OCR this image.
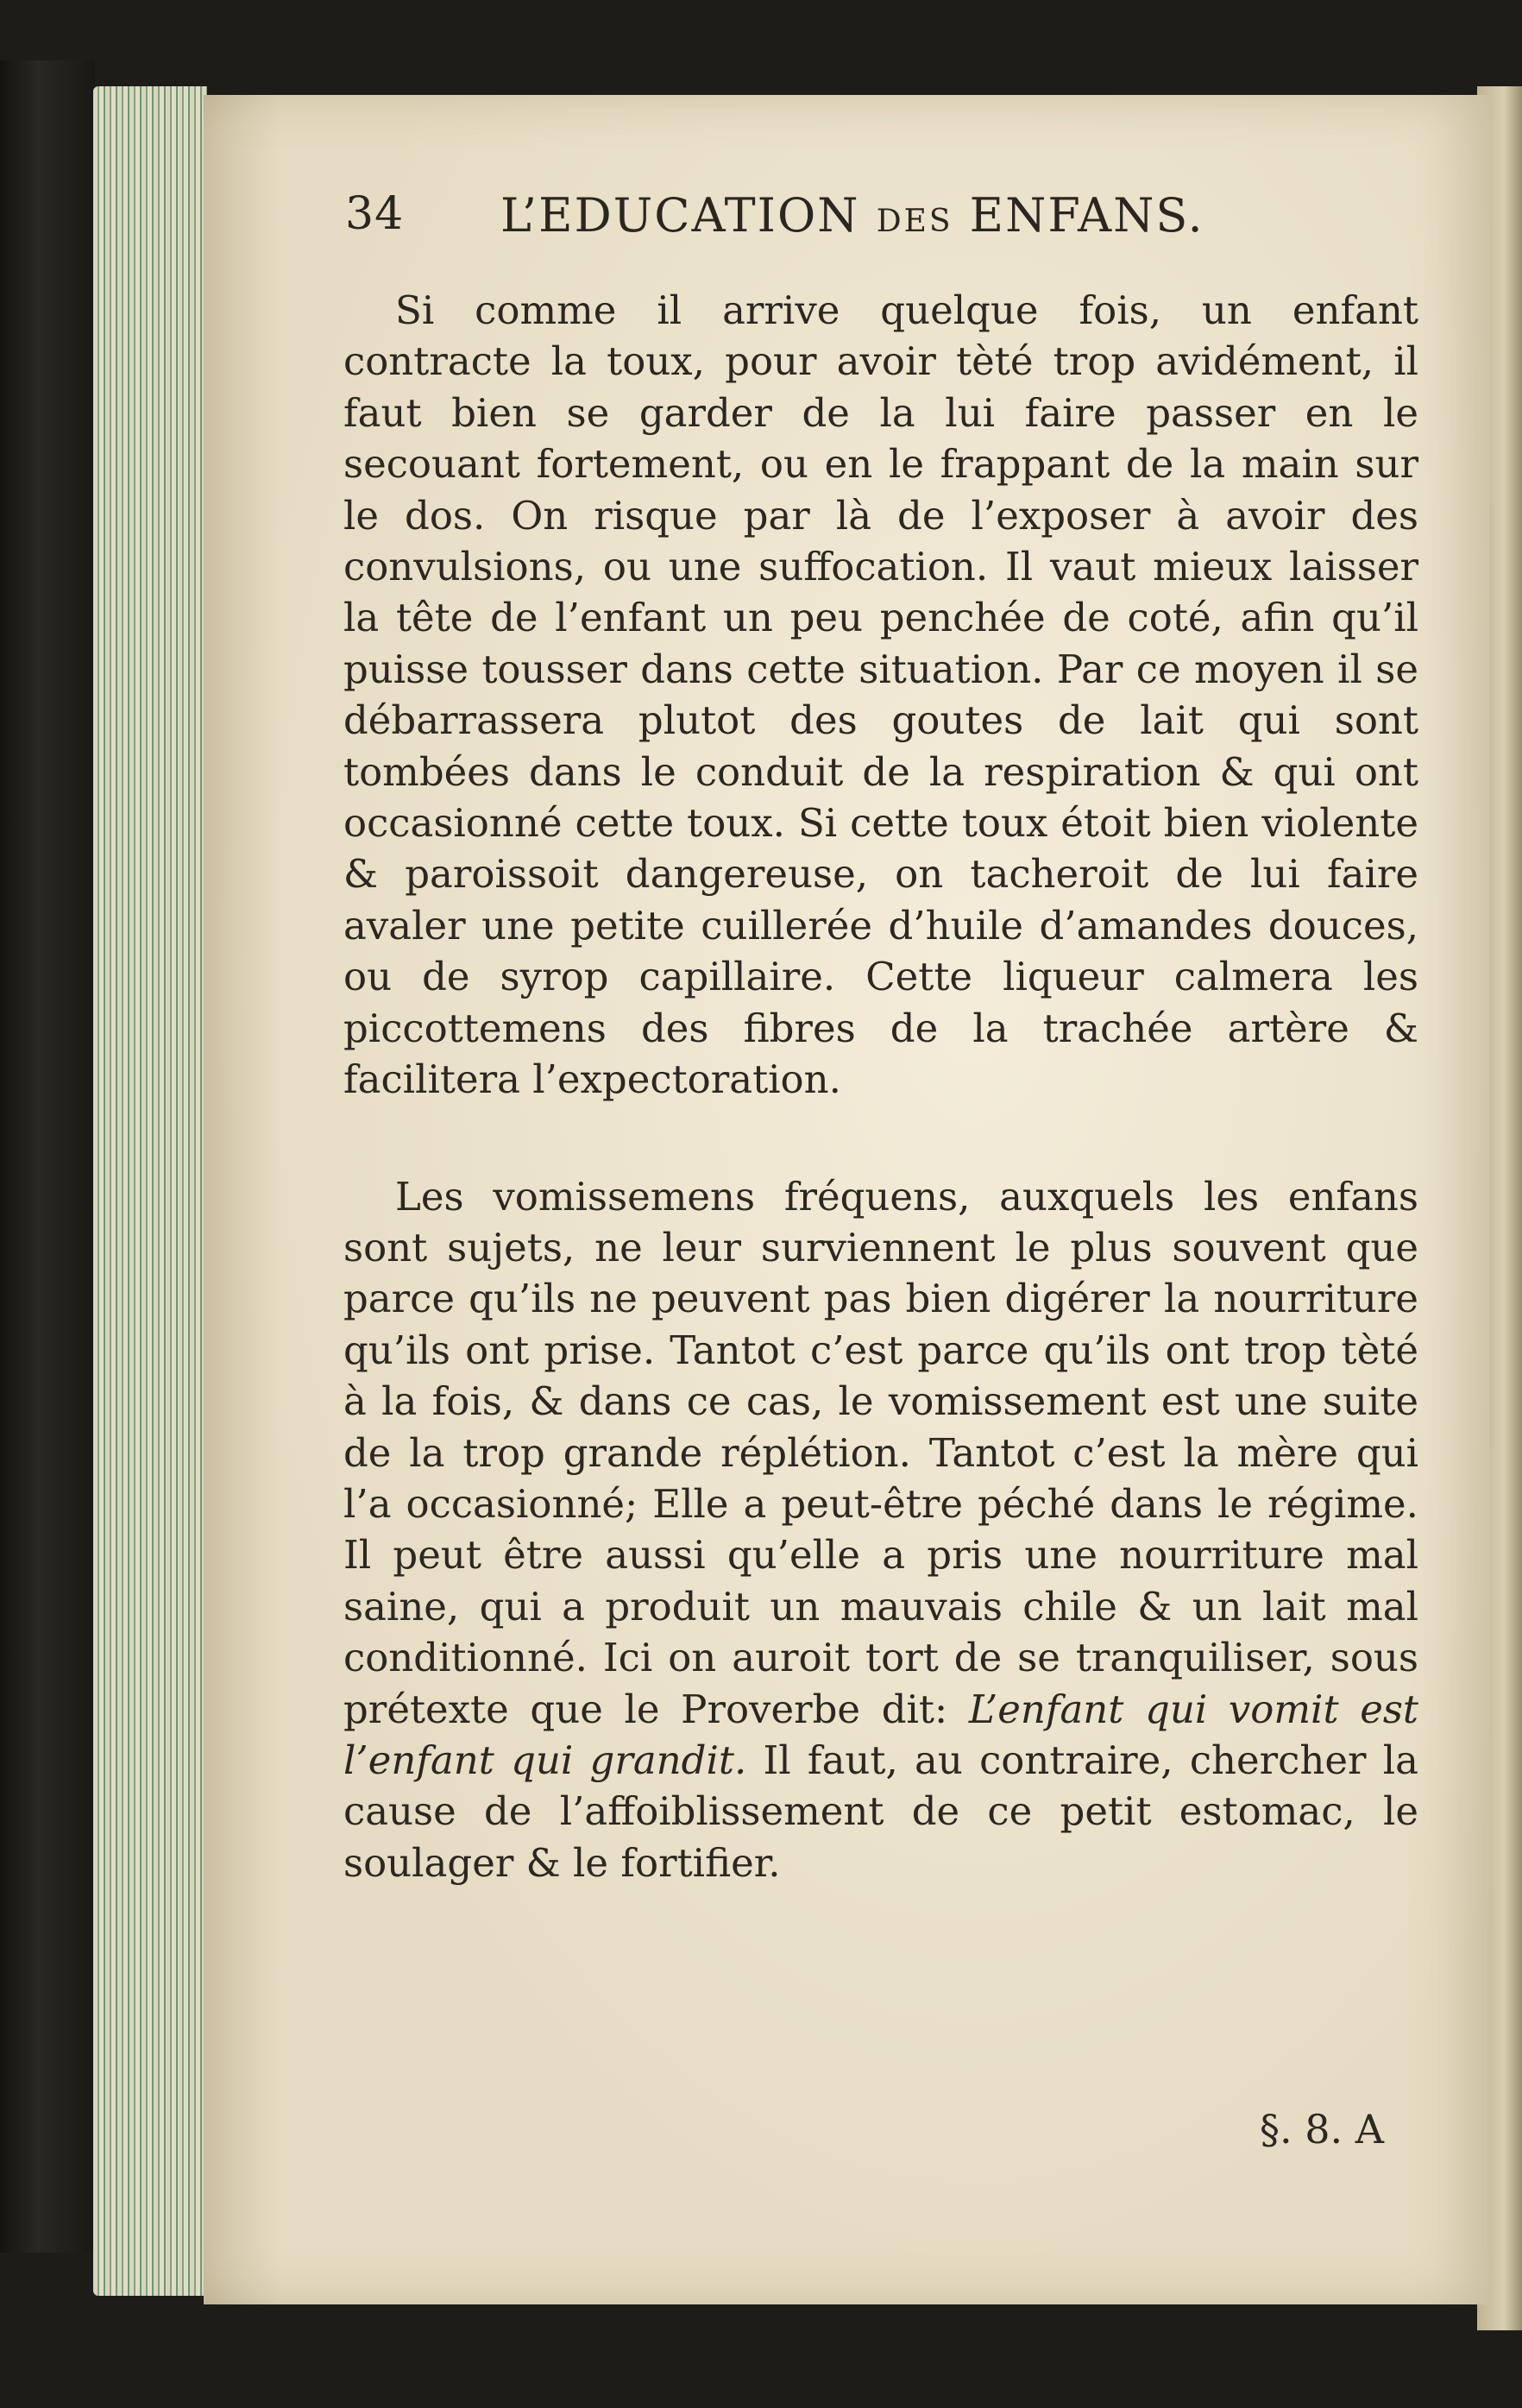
34 L’EDUCATION DES ENFANS.

Si comme il arrive quelque fois, un enfant contracte la toux, pour avoir tèté trop avidément, il faut bien se garder de la lui faire passer en le secouant fortement, ou en le frappant de la main sur le dos. On risque par là de l’exposer à avoir des convulsions, ou une suffocation. Il vaut mieux laisser la tête de l’enfant un peu penchée de coté, afin qu’il puisse tousser dans cette situation. Par ce moyen il se débarrassera plutot des goutes de lait qui sont tombées dans le conduit de la respiration & qui ont occasionné cette toux. Si cette toux étoit bien violente & paroissoit dangereuse, on tacheroit de lui faire avaler une petite cuillerée d’huile d’amandes douces, ou de syrop capillaire. Cette liqueur calmera les piccottemens des fibres de la trachée artère & facilitera l’expectoration.

Les vomissemens fréquens, auxquels les enfans sont sujets, ne leur surviennent le plus souvent que parce qu’ils ne peuvent pas bien digérer la nourriture qu’ils ont prise. Tantot c’est parce qu’ils ont trop tèté à la fois, & dans ce cas, le vomissement est une suite de la trop grande réplétion. Tantot c’est la mère qui l’a occasionné; Elle a peut-être péché dans le régime. Il peut être aussi qu’elle a pris une nourriture mal saine, qui a produit un mauvais chile & un lait mal conditionné. Ici on auroit tort de se tranquiliser, sous prétexte que le Proverbe dit: L’enfant qui vomit est l’enfant qui grandit. Il faut, au contraire, chercher la cause de l’affoiblissement de ce petit estomac, le soulager & le fortifier.

§. 8. A
